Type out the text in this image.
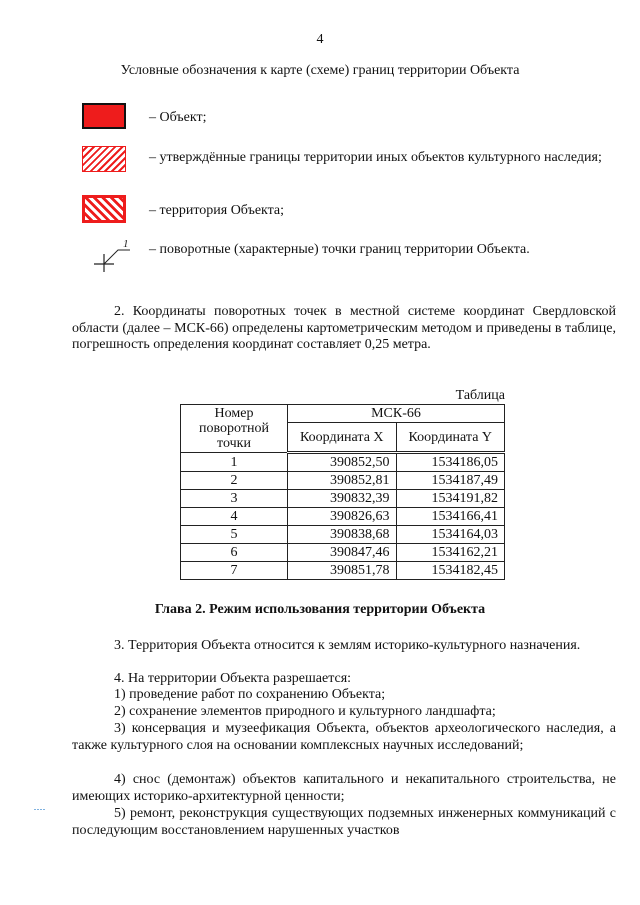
4
Условные обозначения к карте (схеме) границ территории Объекта
– Объект;
– утверждённые границы территории иных объектов культурного наследия;
– территория Объекта;
1 – поворотные (характерные) точки границ территории Объекта.
2. Координаты поворотных точек в местной системе координат Свердловской области (далее – МСК-66) определены картометрическим методом и приведены в таблице, погрешность определения координат составляет 0,25 метра.
Таблица
Номер поворотной точки	МСК-66	
	Координата X	Координата Y
1	390852,50	1534186,05
2	390852,81	1534187,49
3	390832,39	1534191,82
4	390826,63	1534166,41
5	390838,68	1534164,03
6	390847,46	1534162,21
7	390851,78	1534182,45
Глава 2. Режим использования территории Объекта
3. Территория Объекта относится к землям историко-культурного назначения.
4. На территории Объекта разрешается:
1) проведение работ по сохранению Объекта;
2) сохранение элементов природного и культурного ландшафта;
3) консервация и музеефикация Объекта, объектов археологического наследия, а также культурного слоя на основании комплексных научных исследований;
4) снос (демонтаж) объектов капитального и некапитального строительства, не имеющих историко-архитектурной ценности;
5) ремонт, реконструкция существующих подземных инженерных коммуникаций с последующим восстановлением нарушенных участков
